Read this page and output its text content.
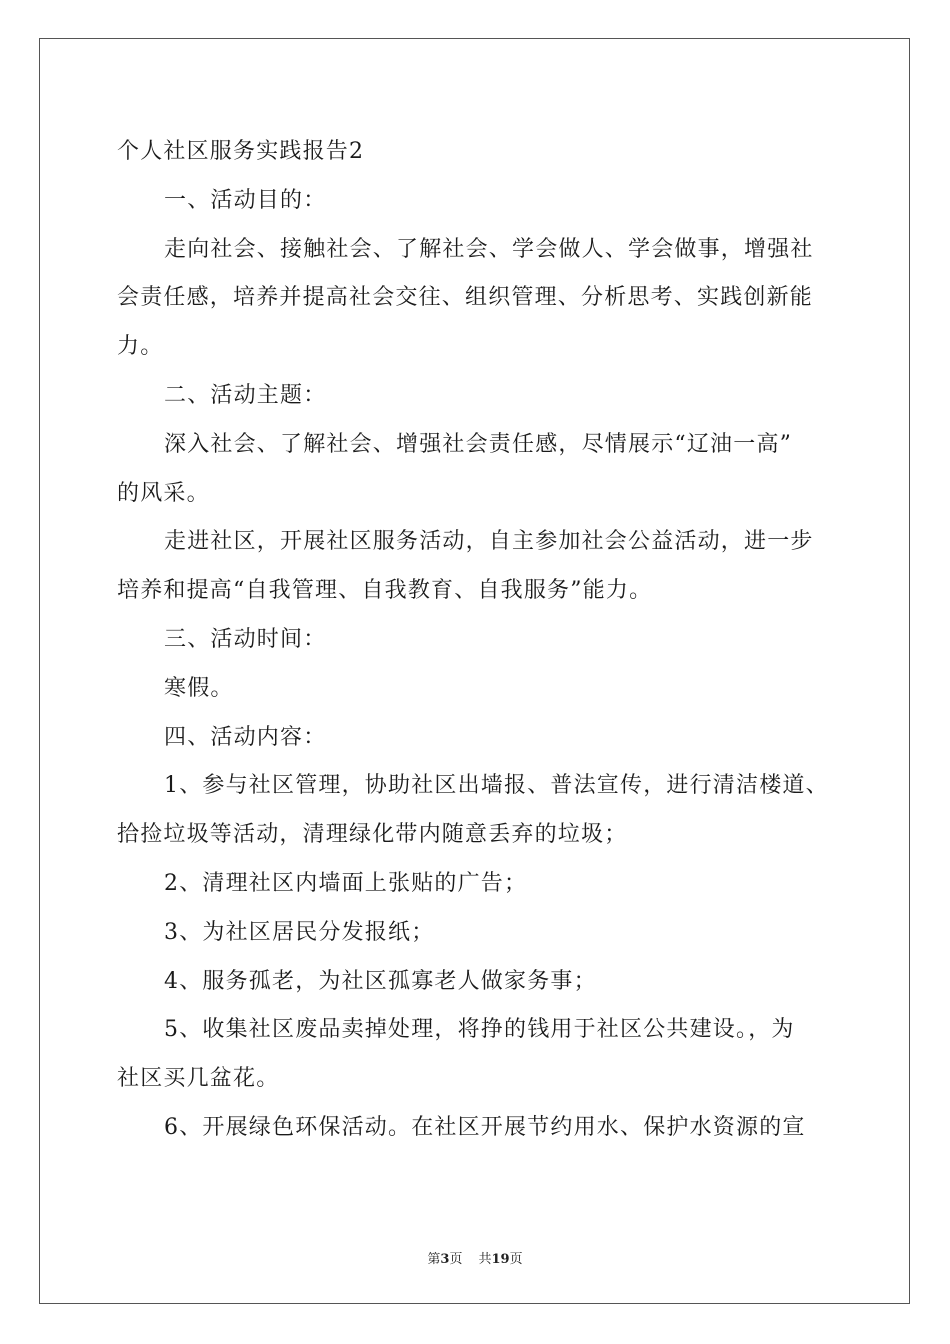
个人社区服务实践报告2
一、活动目的：
走向社会、接触社会、了解社会、学会做人、学会做事，增强社
会责任感，培养并提高社会交往、组织管理、分析思考、实践创新能
力。
二、活动主题：
深入社会、了解社会、增强社会责任感，尽情展示“辽油一高”
的风采。
走进社区，开展社区服务活动，自主参加社会公益活动，进一步
培养和提高“自我管理、自我教育、自我服务”能力。
三、活动时间：
寒假。
四、活动内容：
1、参与社区管理，协助社区出墙报、普法宣传，进行清洁楼道、
拾捡垃圾等活动，清理绿化带内随意丢弃的垃圾；
2、清理社区内墙面上张贴的广告；
3、为社区居民分发报纸；
4、服务孤老，为社区孤寡老人做家务事；
5、收集社区废品卖掉处理，将挣的钱用于社区公共建设。，为
社区买几盆花。
6、开展绿色环保活动。在社区开展节约用水、保护水资源的宣
第3页 共19页
